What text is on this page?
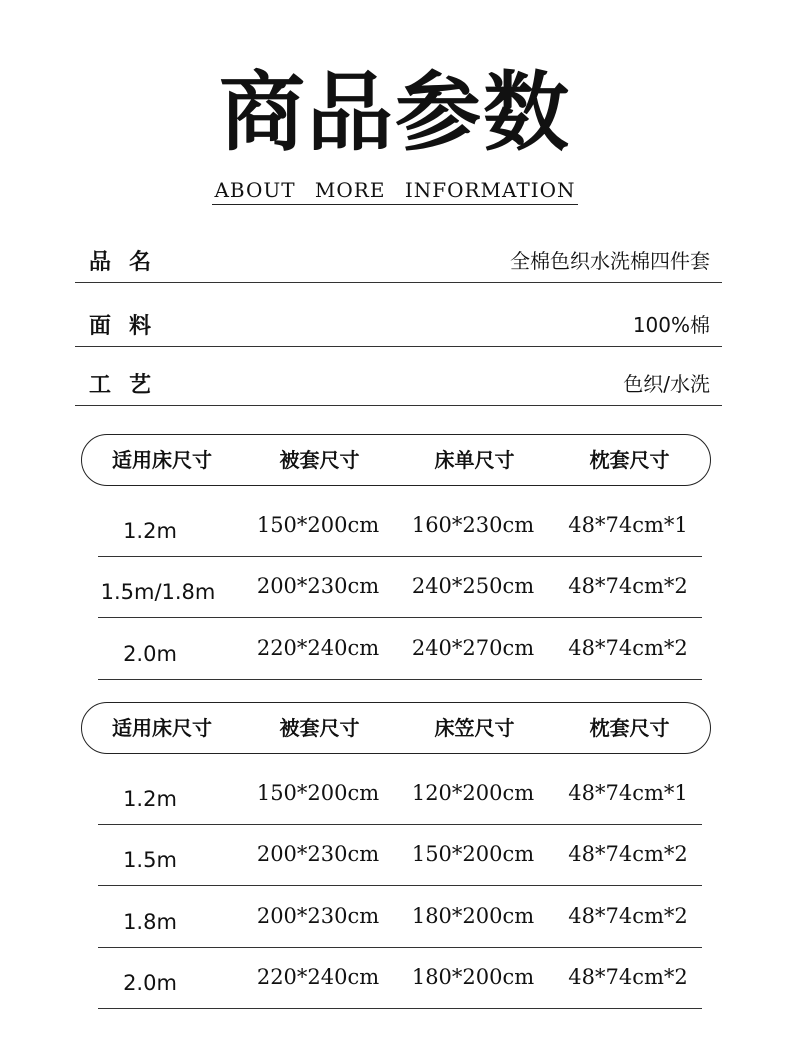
商品参数
ABOUT MORE INFORMATION
品名	全棉色织水洗棉四件套
面料	100%棉
工艺	色织/水洗
适用床尺寸	被套尺寸	床单尺寸	枕套尺寸
1.2m	150*200cm	160*230cm	48*74cm*1
1.5m/1.8m	200*230cm	240*250cm	48*74cm*2
2.0m	220*240cm	240*270cm	48*74cm*2
适用床尺寸	被套尺寸	床笠尺寸	枕套尺寸
1.2m	150*200cm	120*200cm	48*74cm*1
1.5m	200*230cm	150*200cm	48*74cm*2
1.8m	200*230cm	180*200cm	48*74cm*2
2.0m	220*240cm	180*200cm	48*74cm*2
